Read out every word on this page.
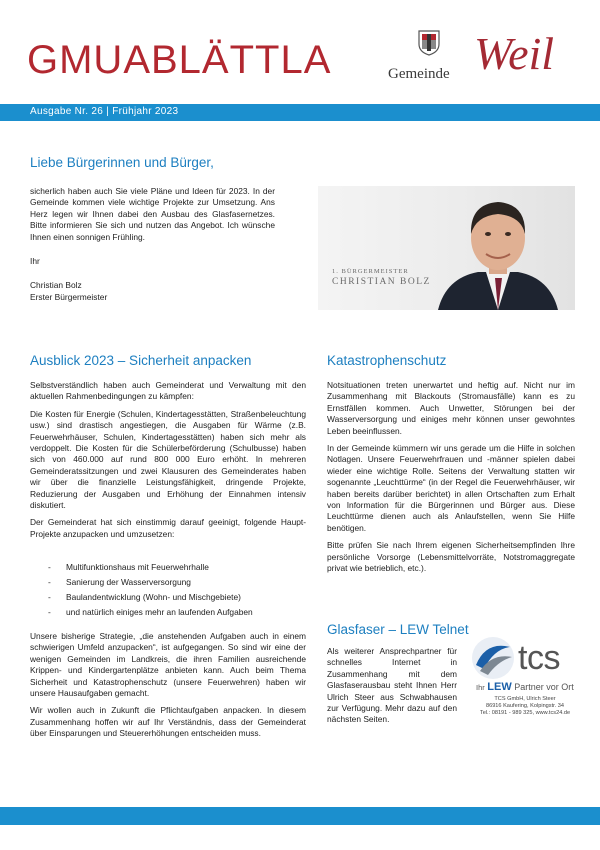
GMUABLÄTTLA	Gemeinde Weil
Ausgabe Nr. 26 | Frühjahr 2023
Liebe Bürgerinnen und Bürger,
sicherlich haben auch Sie viele Pläne und Ideen für 2023. In der Gemeinde kommen viele wichtige Projekte zur Umsetzung. Ans Herz legen wir Ihnen dabei den Ausbau des Glasfasernetzes. Bitte informieren Sie sich und nutzen das Angebot. Ich wünsche Ihnen einen sonnigen Frühling.
Ihr
Christian Bolz
Erster Bürgermeister
1. BÜRGERMEISTER
CHRISTIAN BOLZ
Ausblick 2023 – Sicherheit anpacken

Selbstverständlich haben auch Gemeinderat und Verwaltung mit den aktuellen Rahmenbedingungen zu kämpfen:

Die Kosten für Energie (Schulen, Kindertagesstätten, Straßenbeleuchtung usw.) sind drastisch angestiegen, die Ausgaben für Wärme (z.B. Feuerwehrhäuser, Schulen, Kindertagesstätten) haben sich mehr als verdoppelt. Die Kosten für die Schülerbeförderung (Schulbusse) haben sich von 460.000 auf rund 800 000 Euro erhöht. In mehreren Gemeinderatssitzungen und zwei Klausuren des Gemeinderates haben wir über die finanzielle Leistungsfähigkeit, dringende Projekte, Reduzierung der Ausgaben und Erhöhung der Einnahmen intensiv diskutiert.

Der Gemeinderat hat sich einstimmig darauf geeinigt, folgende Haupt-Projekte anzupacken und umzusetzen:

- Multifunktionshaus mit Feuerwehrhalle
- Sanierung der Wasserversorgung
- Baulandentwicklung (Wohn- und Mischgebiete)
- und natürlich einiges mehr an laufenden Aufgaben

Unsere bisherige Strategie, „die anstehenden Aufgaben auch in einem schwierigen Umfeld anzupacken“, ist aufgegangen. So sind wir eine der wenigen Gemeinden im Landkreis, die ihren Familien ausreichende Krippen- und Kindergartenplätze anbieten kann. Auch beim Thema Sicherheit und Katastrophenschutz (unsere Feuerwehren) haben wir unsere Hausaufgaben gemacht.

Wir wollen auch in Zukunft die Pflichtaufgaben anpacken. In diesem Zusammenhang hoffen wir auf Ihr Verständnis, dass der Gemeinderat über Einsparungen und Steuererhöhungen entscheiden muss.

Katastrophenschutz

Notsituationen treten unerwartet und heftig auf. Nicht nur im Zusammenhang mit Blackouts (Stromausfälle) kann es zu Ernstfällen kommen. Auch Unwetter, Störungen bei der Wasserversorgung und einiges mehr können unser gewohntes Leben beeinflussen.

In der Gemeinde kümmern wir uns gerade um die Hilfe in solchen Notlagen. Unsere Feuerwehrfrauen und -männer spielen dabei wieder eine wichtige Rolle. Seitens der Verwaltung statten wir sogenannte „Leuchttürme“ (in der Regel die Feuerwehrhäuser, wir haben bereits darüber berichtet) in allen Ortschaften zum Erhalt von Information für die Bürgerinnen und Bürger aus. Diese Leuchttürme dienen auch als Anlaufstellen, wenn Sie Hilfe benötigen.

Bitte prüfen Sie nach Ihrem eigenen Sicherheitsempfinden Ihre persönliche Vorsorge (Lebensmittelvorräte, Notstromaggregate privat wie betrieblich, etc.).

Glasfaser – LEW Telnet
Als weiterer Ansprechpartner für schnelles Internet in Zusammenhang mit dem Glasfaserausbau steht Ihnen Herr Ulrich Steer aus Schwabhausen zur Verfügung. Mehr dazu auf den nächsten Seiten.
tcs
Ihr LEW Partner vor Ort
TCS GmbH, Ulrich Steer
86916 Kaufering, Kolpingstr. 34
Tel.: 08191 - 989 325, www.tcs24.de
